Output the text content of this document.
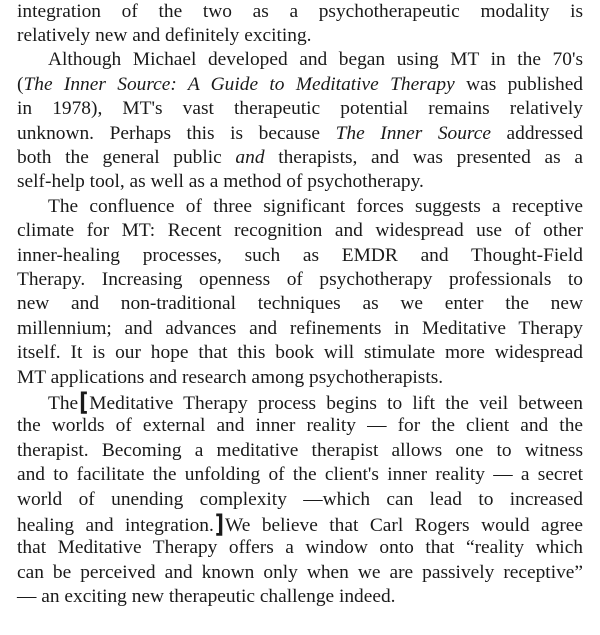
integration of the two as a psychotherapeutic modality is
relatively new and definitely exciting.
Although Michael developed and began using MT in the 70's
(The Inner Source: A Guide to Meditative Therapy was published
in 1978), MT's vast therapeutic potential remains relatively
unknown. Perhaps this is because The Inner Source addressed
both the general public and therapists, and was presented as a
self-help tool, as well as a method of psychotherapy.
The confluence of three significant forces suggests a receptive
climate for MT: Recent recognition and widespread use of other
inner-healing processes, such as EMDR and Thought-Field
Therapy. Increasing openness of psychotherapy professionals to
new and non-traditional techniques as we enter the new
millennium; and advances and refinements in Meditative Therapy
itself. It is our hope that this book will stimulate more widespread
MT applications and research among psychotherapists.
The[Meditative Therapy process begins to lift the veil between
the worlds of external and inner reality — for the client and the
therapist. Becoming a meditative therapist allows one to witness
and to facilitate the unfolding of the client's inner reality — a secret
world of unending complexity —which can lead to increased
healing and integration.]We believe that Carl Rogers would agree
that Meditative Therapy offers a window onto that “reality which
can be perceived and known only when we are passively receptive”
— an exciting new therapeutic challenge indeed.
